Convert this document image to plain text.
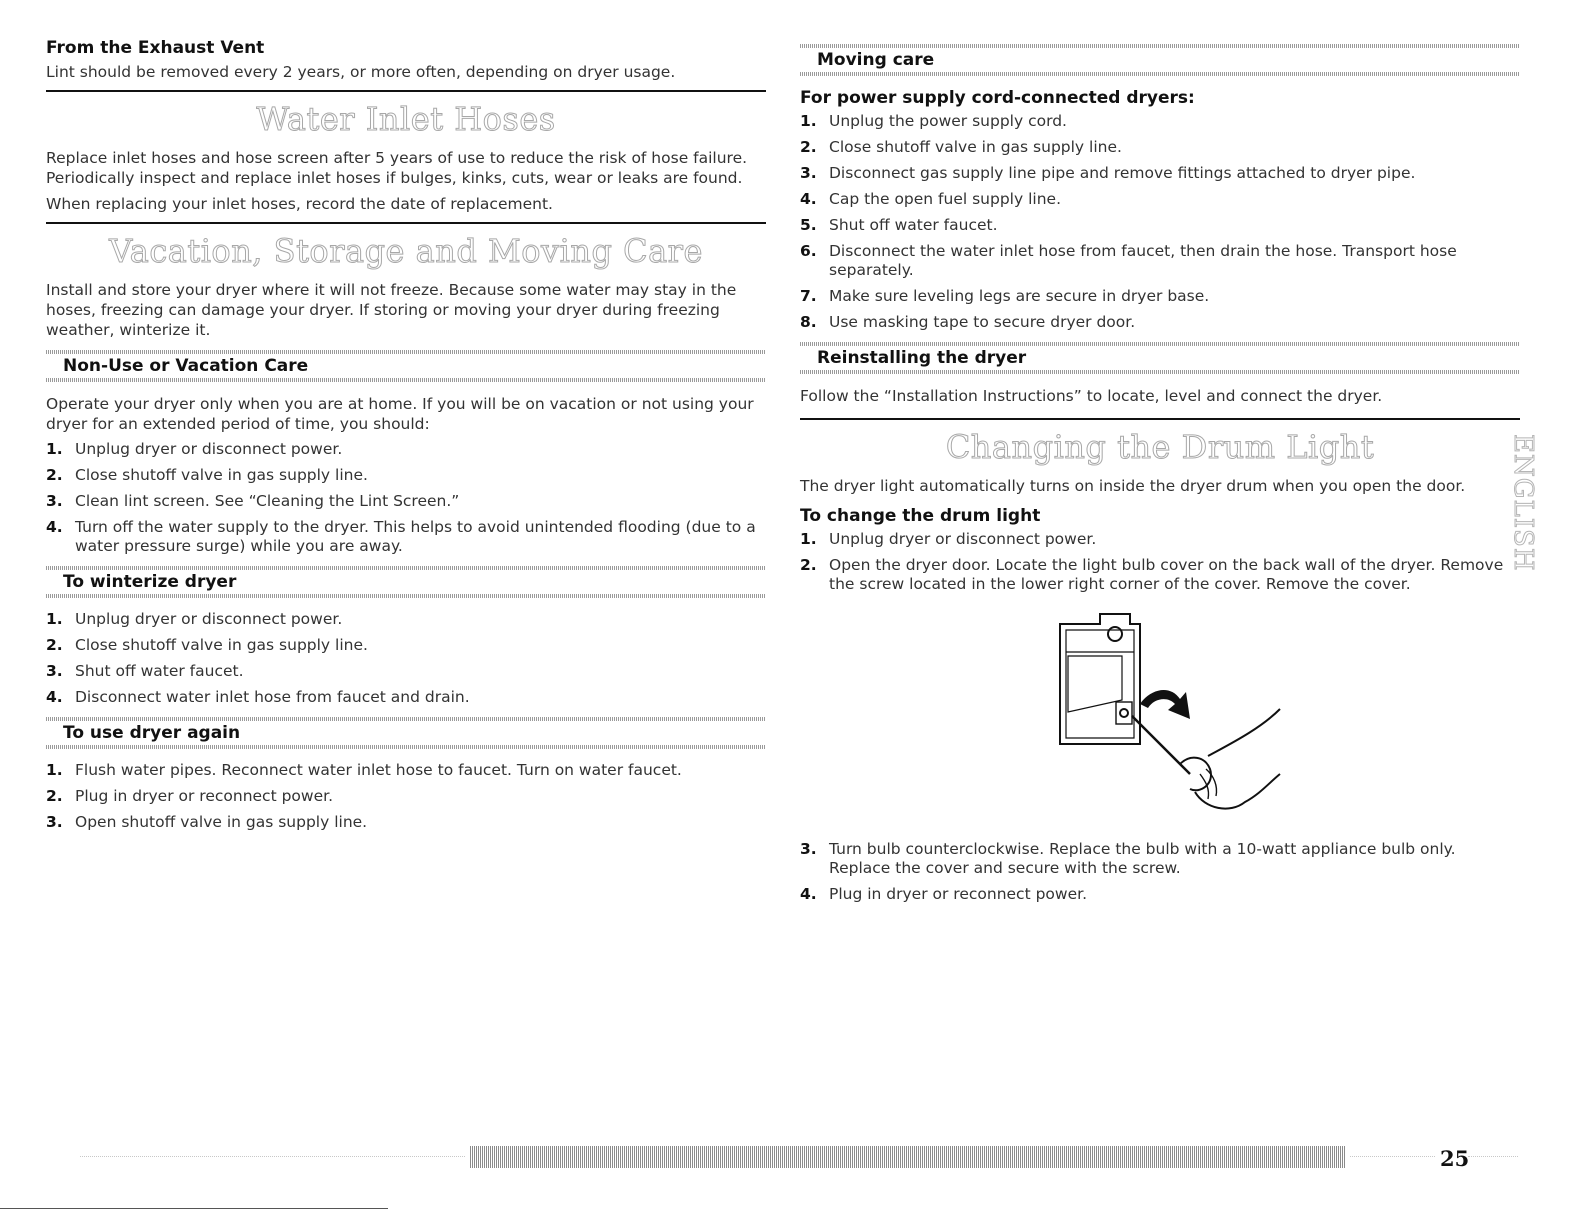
From the Exhaust Vent

Lint should be removed every 2 years, or more often, depending on dryer usage.

Water Inlet Hoses

Replace inlet hoses and hose screen after 5 years of use to reduce the risk of hose failure. Periodically inspect and replace inlet hoses if bulges, kinks, cuts, wear or leaks are found.

When replacing your inlet hoses, record the date of replacement.

Vacation, Storage and Moving Care

Install and store your dryer where it will not freeze. Because some water may stay in the hoses, freezing can damage your dryer. If storing or moving your dryer during freezing weather, winterize it.

Non-Use or Vacation Care

Operate your dryer only when you are at home. If you will be on vacation or not using your dryer for an extended period of time, you should:

1. Unplug dryer or disconnect power.
2. Close shutoff valve in gas supply line.
3. Clean lint screen. See “Cleaning the Lint Screen.”
4. Turn off the water supply to the dryer. This helps to avoid unintended flooding (due to a water pressure surge) while you are away.
To winterize dryer
1. Unplug dryer or disconnect power.
2. Close shutoff valve in gas supply line.
3. Shut off water faucet.
4. Disconnect water inlet hose from faucet and drain.
To use dryer again
1. Flush water pipes. Reconnect water inlet hose to faucet. Turn on water faucet.
2. Plug in dryer or reconnect power.
3. Open shutoff valve in gas supply line.
Moving care
For power supply cord-connected dryers:
1. Unplug the power supply cord.
2. Close shutoff valve in gas supply line.
3. Disconnect gas supply line pipe and remove fittings attached to dryer pipe.
4. Cap the open fuel supply line.
5. Shut off water faucet.
6. Disconnect the water inlet hose from faucet, then drain the hose. Transport hose separately.
7. Make sure leveling legs are secure in dryer base.
8. Use masking tape to secure dryer door.
Reinstalling the dryer

Follow the “Installation Instructions” to locate, level and connect the dryer.

Changing the Drum Light

The dryer light automatically turns on inside the dryer drum when you open the door.

To change the drum light
1. Unplug dryer or disconnect power.
2. Open the dryer door. Locate the light bulb cover on the back wall of the dryer. Remove the screw located in the lower right corner of the cover. Remove the cover.
3. Turn bulb counterclockwise. Replace the bulb with a 10-watt appliance bulb only. Replace the cover and secure with the screw.
4. Plug in dryer or reconnect power.
ENGLISH
25
